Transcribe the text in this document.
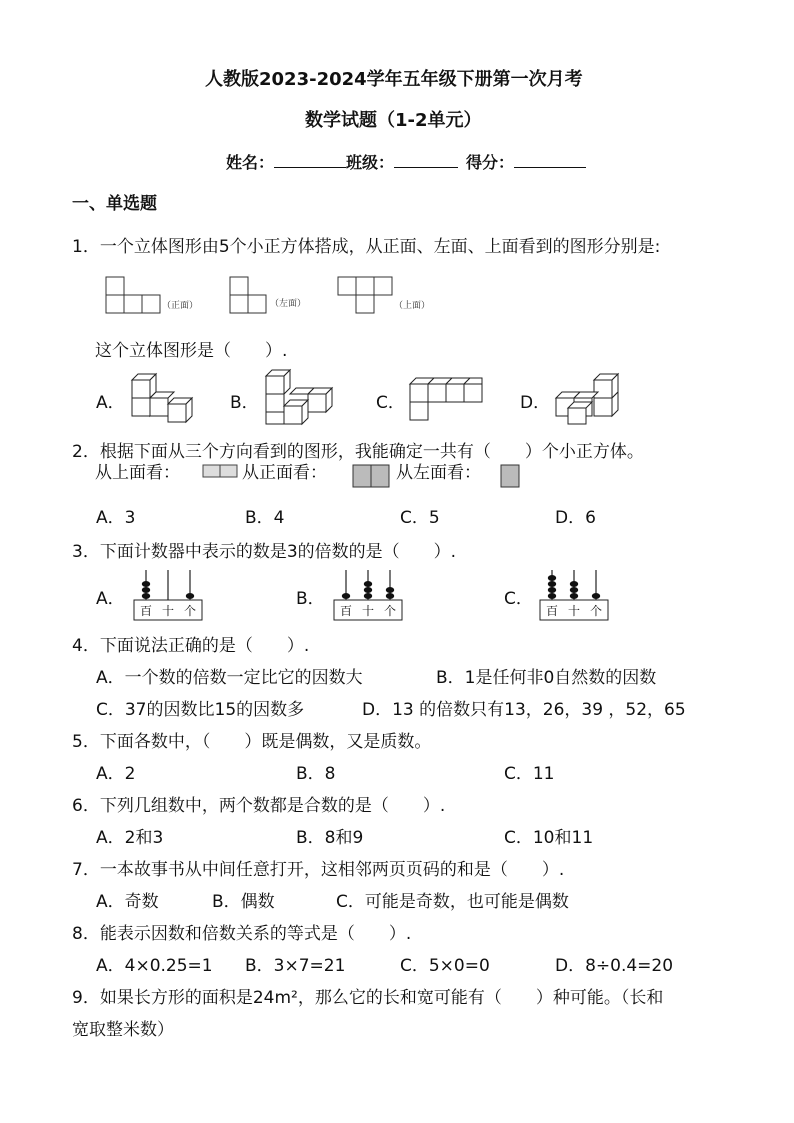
人教版2023-2024学年五年级下册第一次月考
数学试题（1-2单元）
姓名：	班级：	得分：
一、单选题
1．一个立体图形由5个小正方体搭成，从正面、左面、上面看到的图形分别是:
（正面）	（左面）	（上面）
这个立体图形是（　　）.
A．	B．	C．	D．
2．根据下面从三个方向看到的图形，我能确定一共有（　　）个小正方体。
从上面看：	从正面看：	从左面看：
A．3	B．4	C．5	D．6
3．下面计数器中表示的数是3的倍数的是（　　）.
A．
百 十 个
B．
百 十 个
C．
百 十 个
4．下面说法正确的是（　　）.
A．一个数的倍数一定比它的因数大	B．1是任何非0自然数的因数
C．37的因数比15的因数多	D．13 的倍数只有13，26，39 ，52，65
5．下面各数中，（　　）既是偶数，又是质数。
A．2	B．8	C．11
6．下列几组数中，两个数都是合数的是（　　）.
A．2和3	B．8和9	C．10和11
7．一本故事书从中间任意打开，这相邻两页页码的和是（　　）.
A．奇数	B．偶数	C．可能是奇数，也可能是偶数
8．能表示因数和倍数关系的等式是（　　）.
A．4×0.25=1 B．3×7=21	C．5×0=0	D．8÷0.4=20
9．如果长方形的面积是24m²，那么它的长和宽可能有（　　）种可能。（长和
宽取整米数）
